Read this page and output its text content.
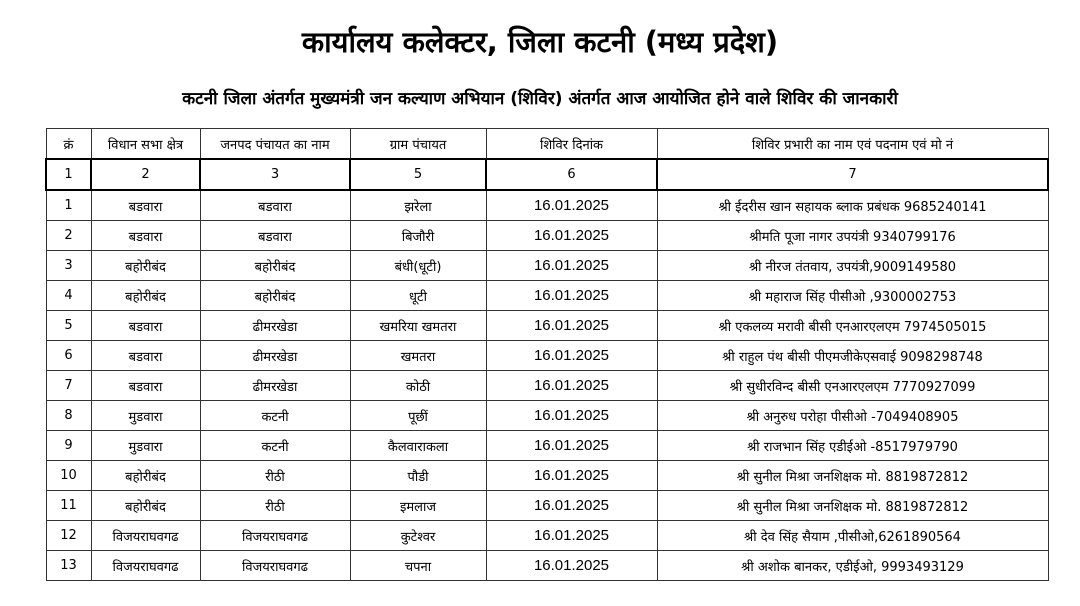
कार्यालय कलेक्टर, जिला कटनी (मध्य प्रदेश)
कटनी जिला अंतर्गत मुख्यमंत्री जन कल्याण अभियान (शिविर) अंतर्गत आज आयोजित होने वाले शिविर की जानकारी
क्रं	विधान सभा क्षेत्र	जनपद पंचायत का नाम	ग्राम पंचायत	शिविर दिनांक	शिविर प्रभारी का नाम एवं पदनाम एवं मो नं
1	2	3	5	6	7
1	बडवारा	बडवारा	झरेला	16.01.2025	श्री ईदरीस खान सहायक ब्लाक प्रबंधक 9685240141
2	बडवारा	बडवारा	बिजौरी	16.01.2025	श्रीमति पूजा नागर उपयंत्री 9340799176
3	बहोरीबंद	बहोरीबंद	बंधी(धूटी)	16.01.2025	श्री नीरज तंतवाय, उपयंत्री,9009149580
4	बहोरीबंद	बहोरीबंद	धूटी	16.01.2025	श्री महाराज सिंह पीसीओ ,9300002753
5	बडवारा	ढीमरखेडा	खमरिया खमतरा	16.01.2025	श्री एकलव्य मरावी बीसी एनआरएलएम 7974505015
6	बडवारा	ढीमरखेडा	खमतरा	16.01.2025	श्री राहुल पंथ बीसी पीएमजीकेएसवाई 9098298748
7	बडवारा	ढीमरखेडा	कोठी	16.01.2025	श्री सुधीरविन्द बीसी एनआरएलएम 7770927099
8	मुडवारा	कटनी	पूछीं	16.01.2025	श्री अनुरुध परोहा पीसीओ -7049408905
9	मुडवारा	कटनी	कैलवाराकला	16.01.2025	श्री राजभान सिंह एडीईओ -8517979790
10	बहोरीबंद	रीठी	पौडी	16.01.2025	श्री सुनील मिश्रा जनशिक्षक मो. 8819872812
11	बहोरीबंद	रीठी	इमलाज	16.01.2025	श्री सुनील मिश्रा जनशिक्षक मो. 8819872812
12	विजयराघवगढ	विजयराघवगढ	कुटेश्वर	16.01.2025	श्री देव सिंह सैयाम ,पीसीओ,6261890564
13	विजयराघवगढ	विजयराघवगढ	चपना	16.01.2025	श्री अशोक बानकर, एडीईओ, 9993493129
